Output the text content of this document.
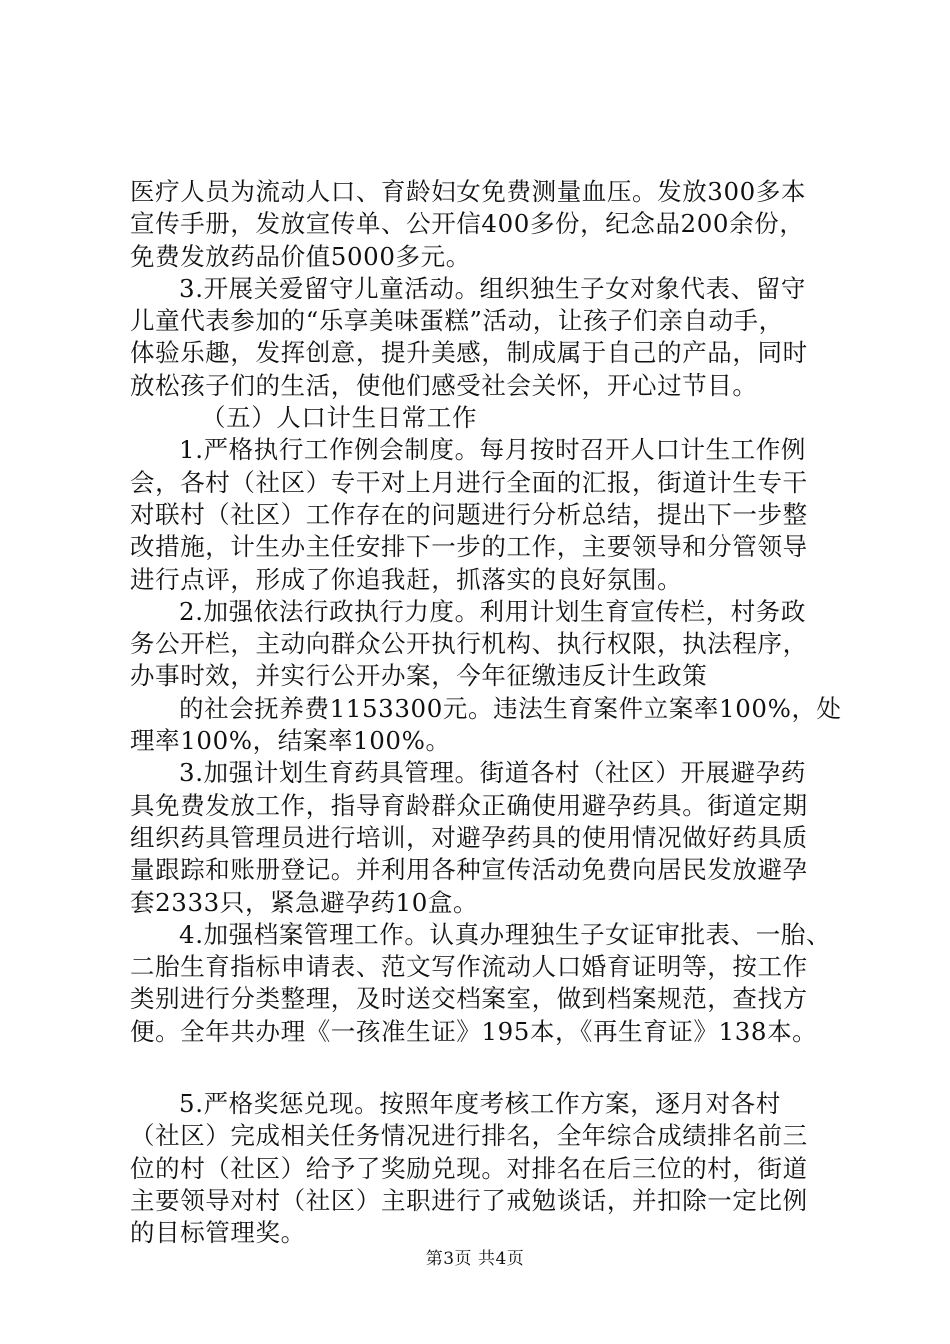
医疗人员为流动人口、育龄妇女免费测量血压。发放300多本
宣传手册，发放宣传单、公开信400多份，纪念品200余份，
免费发放药品价值5000多元。
3.开展关爱留守儿童活动。组织独生子女对象代表、留守
儿童代表参加的“乐享美味蛋糕”活动，让孩子们亲自动手，
体验乐趣，发挥创意，提升美感，制成属于自己的产品，同时
放松孩子们的生活，使他们感受社会关怀，开心过节目。
（五）人口计生日常工作
1.严格执行工作例会制度。每月按时召开人口计生工作例
会，各村（社区）专干对上月进行全面的汇报，街道计生专干
对联村（社区）工作存在的问题进行分析总结，提出下一步整
改措施，计生办主任安排下一步的工作，主要领导和分管领导
进行点评，形成了你追我赶，抓落实的良好氛围。
2.加强依法行政执行力度。利用计划生育宣传栏，村务政
务公开栏，主动向群众公开执行机构、执行权限，执法程序，
办事时效，并实行公开办案，今年征缴违反计生政策
的社会抚养费1153300元。违法生育案件立案率100%，处
理率100%，结案率100%。
3.加强计划生育药具管理。街道各村（社区）开展避孕药
具免费发放工作，指导育龄群众正确使用避孕药具。街道定期
组织药具管理员进行培训，对避孕药具的使用情况做好药具质
量跟踪和账册登记。并利用各种宣传活动免费向居民发放避孕
套2333只，紧急避孕药10盒。
4.加强档案管理工作。认真办理独生子女证审批表、一胎、
二胎生育指标申请表、范文写作流动人口婚育证明等，按工作
类别进行分类整理，及时送交档案室，做到档案规范，查找方
便。全年共办理《一孩准生证》195本，《再生育证》138本。
5.严格奖惩兑现。按照年度考核工作方案，逐月对各村
（社区）完成相关任务情况进行排名，全年综合成绩排名前三
位的村（社区）给予了奖励兑现。对排名在后三位的村，街道
主要领导对村（社区）主职进行了戒勉谈话，并扣除一定比例
的目标管理奖。
第3页 共4页
